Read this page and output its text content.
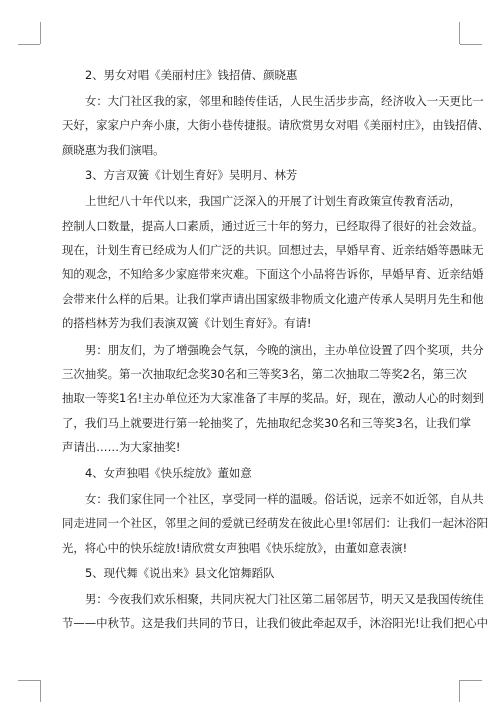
2、男女对唱《美丽村庄》钱招倩、颜晓惠
女：大门社区我的家，邻里和睦传佳话，人民生活步步高，经济收入一天更比一
天好，家家户户奔小康，大街小巷传捷报。请欣赏男女对唱《美丽村庄》，由钱招倩、
颜晓惠为我们演唱。
3、方言双簧《计划生育好》吴明月、林芳
上世纪八十年代以来，我国广泛深入的开展了计划生育政策宣传教育活动，
控制人口数量，提高人口素质，通过近三十年的努力，已经取得了很好的社会效益。
现在，计划生育已经成为人们广泛的共识。回想过去，早婚早育、近亲结婚等愚昧无
知的观念，不知给多少家庭带来灾难。下面这个小品将告诉你，早婚早育、近亲结婚
会带来什么样的后果。让我们掌声请出国家级非物质文化遗产传承人吴明月先生和他
的搭档林芳为我们表演双簧《计划生育好》。有请!
男：朋友们，为了增强晚会气氛，今晚的演出，主办单位设置了四个奖项，共分
三次抽奖。第一次抽取纪念奖30名和三等奖3名，第二次抽取二等奖2名，第三次
抽取一等奖1名!主办单位还为大家准备了丰厚的奖品。好，现在，激动人心的时刻到
了，我们马上就要进行第一轮抽奖了，先抽取纪念奖30名和三等奖3名，让我们掌
声请出……为大家抽奖!
4、女声独唱《快乐绽放》董如意
女：我们家住同一个社区，享受同一样的温暖。俗话说，远亲不如近邻，自从共
同走进同一个社区，邻里之间的爱就已经萌发在彼此心里!邻居们：让我们一起沐浴阳
光，将心中的快乐绽放!请欣赏女声独唱《快乐绽放》，由董如意表演!
5、现代舞《说出来》县文化馆舞蹈队
男：今夜我们欢乐相聚，共同庆祝大门社区第二届邻居节，明天又是我国传统佳
节——中秋节。这是我们共同的节日，让我们彼此牵起双手，沐浴阳光!让我们把心中
